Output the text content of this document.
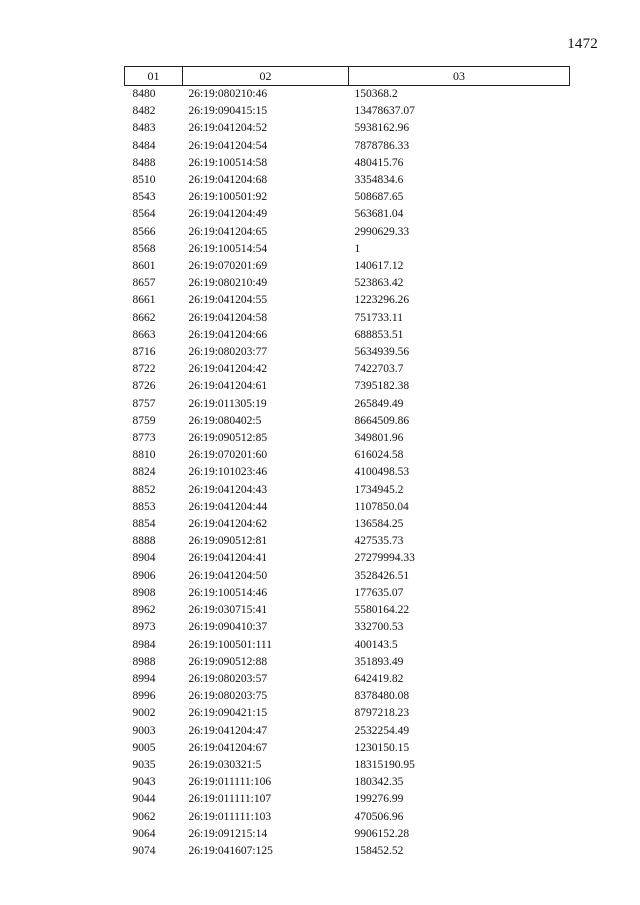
1472
01	02	03
8480	26:19:080210:46	150368.2
8482	26:19:090415:15	13478637.07
8483	26:19:041204:52	5938162.96
8484	26:19:041204:54	7878786.33
8488	26:19:100514:58	480415.76
8510	26:19:041204:68	3354834.6
8543	26:19:100501:92	508687.65
8564	26:19:041204:49	563681.04
8566	26:19:041204:65	2990629.33
8568	26:19:100514:54	1
8601	26:19:070201:69	140617.12
8657	26:19:080210:49	523863.42
8661	26:19:041204:55	1223296.26
8662	26:19:041204:58	751733.11
8663	26:19:041204:66	688853.51
8716	26:19:080203:77	5634939.56
8722	26:19:041204:42	7422703.7
8726	26:19:041204:61	7395182.38
8757	26:19:011305:19	265849.49
8759	26:19:080402:5	8664509.86
8773	26:19:090512:85	349801.96
8810	26:19:070201:60	616024.58
8824	26:19:101023:46	4100498.53
8852	26:19:041204:43	1734945.2
8853	26:19:041204:44	1107850.04
8854	26:19:041204:62	136584.25
8888	26:19:090512:81	427535.73
8904	26:19:041204:41	27279994.33
8906	26:19:041204:50	3528426.51
8908	26:19:100514:46	177635.07
8962	26:19:030715:41	5580164.22
8973	26:19:090410:37	332700.53
8984	26:19:100501:111	400143.5
8988	26:19:090512:88	351893.49
8994	26:19:080203:57	642419.82
8996	26:19:080203:75	8378480.08
9002	26:19:090421:15	8797218.23
9003	26:19:041204:47	2532254.49
9005	26:19:041204:67	1230150.15
9035	26:19:030321:5	18315190.95
9043	26:19:011111:106	180342.35
9044	26:19:011111:107	199276.99
9062	26:19:011111:103	470506.96
9064	26:19:091215:14	9906152.28
9074	26:19:041607:125	158452.52
